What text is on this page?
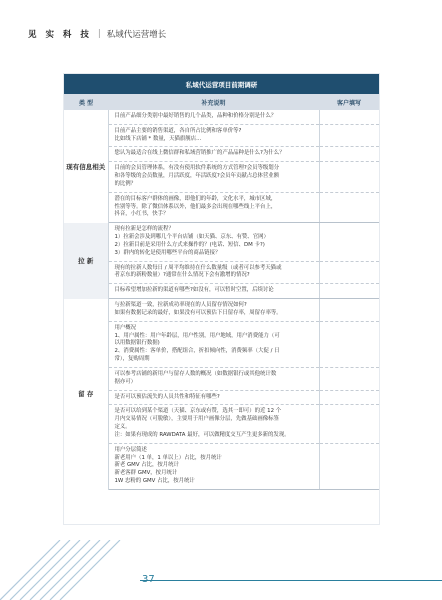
见 实 科 技 | 私域代运营增长
私域代运营项目前期调研		
类 型	补充说明	客户填写
现有信息相关	目前产品细分类别中最好销售的几个品类，品种和价格分别是什么？	

	目前产品主要的销售渠道，各自所占比例和客单价等?
比如线下店铺 * 数量，天猫旗舰店...	

	您认为最适合在线上微信群和私域营销推广的产品品种是什么?为什么？	

	目前的会员管理体系，有没有使用软件系统的方式管理?会员等级划分
和各等级的会员数量，月活跃度，年活跃度?会员年贡献占总体营业额
的比例？	

	潜在的目标客户群体的画像，即他们的年龄，文化水平，城市区域，
性别等等。除了微信体系以外，他们最多会出现在哪些线上平台上，
抖音，小红书，快手？	

拉 新	现有拉新是怎样的流程？
1）拉新会涉及到哪几个平台店铺（如天猫、京东、有赞、官网）
2）拉新目前是采用什么方式来操作的？(电话、短信、DM 卡?)
3）群内的转化是使用哪些平台的商品链接？	

	现有的拉新人数每日 / 周平均维持在什么数量级（或者可以参考天猫或
者京东的新粉数量）?通常在什么情况下会有激增的情况?	

	目标希望增加拉新的渠道有哪些?如没有，可以暂时空置，后续讨论	

留 存	与拉新渠道一致，拉新成功率现在的人员留存情况如何?
如果有数据记录的最好，如果没有可以预估下日留存率，周留存率等。	

	用户概况
1、用户属性：用户年龄层，用户性别，用户地域，用户消费能力（可
以用数据银行数据)
2、消费属性：客单价，搭配组合，折扣倾向性，消费频率（大促 / 日
常），复购周期	

	可以参考店铺的新用户与留存人数的概况（如数据银行或其他统计数
据亦可）	

	是否可以预估流失的人员共性和特征有哪些?	

	是否可以给到某个渠道（天猫、京东或有赞，选其一即可）的近 12 个
月内交易情况（可脱敏），主要用于用户画像分层，先做基础画像标签
定义。
注：如果有现成的 RAWDATA 最好，可以做精度交互产生更多新的发现。	

	用户分层简述
新老用户（1 单，1 单以上）占比，按月统计
新老 GMV 占比，按月统计
新老客群 GMV，按月统计
1W 忠粉的 GMV 占比，按月统计	

37
